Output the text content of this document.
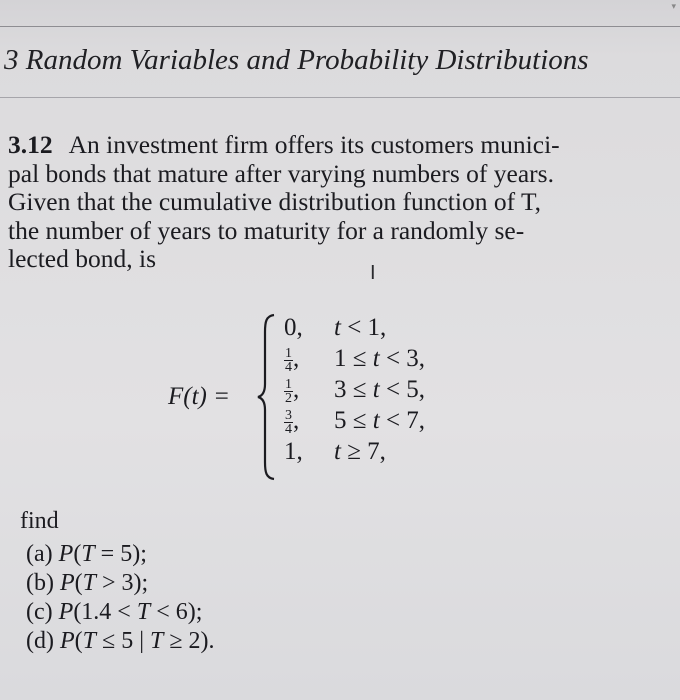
▾
3 Random Variables and Probability Distributions
3.12 An investment firm offers its customers munici-
pal bonds that mature after varying numbers of years.
Given that the cumulative distribution function of T,
the number of years to maturity for a randomly se-
lected bond, is	I
F(t) =
0,
$\frac{1}{4}$ ,
$\frac{1}{2}$ ,
$\frac{3}{4}$ ,
1,
t < 1,
1 ≤ t < 3,
3 ≤ t < 5,
5 ≤ t < 7,
t ≥ 7,
find
(a) P(T = 5);
(b) P(T > 3);
(c) P(1.4 < T < 6);
(d) P(T ≤ 5 | T ≥ 2).
